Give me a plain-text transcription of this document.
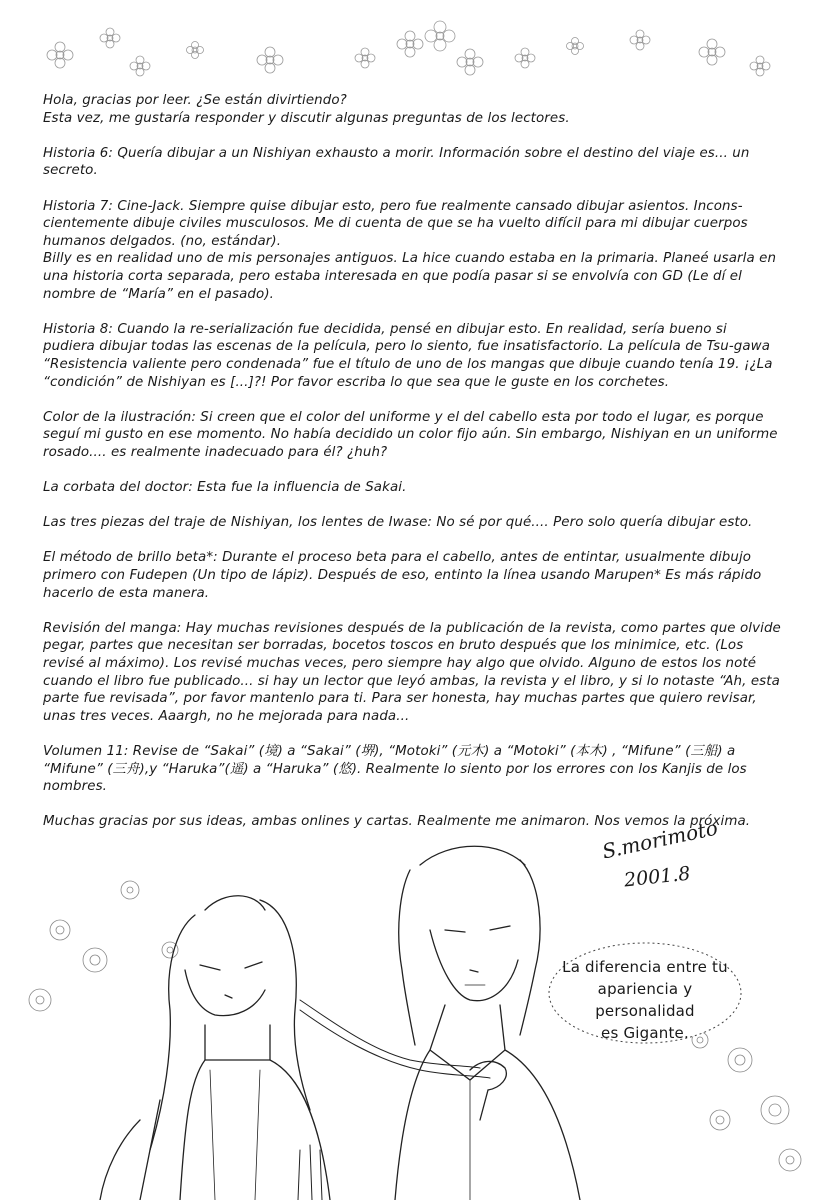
Hola, gracias por leer. ¿Se están divirtiendo?
Esta vez, me gustaría responder y discutir algunas preguntas de los lectores.

Historia 6: Quería dibujar a un Nishiyan exhausto a morir. Información sobre el destino del viaje es... un secreto.

Historia 7: Cine-Jack. Siempre quise dibujar esto, pero fue realmente cansado dibujar asientos. Incons-cientemente dibuje civiles musculosos. Me di cuenta de que se ha vuelto difícil para mi dibujar cuerpos humanos delgados. (no, estándar).
Billy es en realidad uno de mis personajes antiguos. La hice cuando estaba en la primaria. Planeé usarla en una historia corta separada, pero estaba interesada en que podía pasar si se envolvía con GD (Le dí el nombre de “María” en el pasado).

Historia 8: Cuando la re-serialización fue decidida, pensé en dibujar esto. En realidad, sería bueno si pudiera dibujar todas las escenas de la película, pero lo siento, fue insatisfactorio. La película de Tsu-gawa “Resistencia valiente pero condenada” fue el título de uno de los mangas que dibuje cuando tenía 19. ¡¿La “condición” de Nishiyan es [...]?! Por favor escriba lo que sea que le guste en los corchetes.

Color de la ilustración: Si creen que el color del uniforme y el del cabello esta por todo el lugar, es porque seguí mi gusto en ese momento. No había decidido un color fijo aún. Sin embargo, Nishiyan en un uniforme rosado.... es realmente inadecuado para él? ¿huh?

La corbata del doctor: Esta fue la influencia de Sakai.

Las tres piezas del traje de Nishiyan, los lentes de Iwase: No sé por qué.... Pero solo quería dibujar esto.

El método de brillo beta*: Durante el proceso beta para el cabello, antes de entintar, usualmente dibujo primero con Fudepen (Un tipo de lápiz). Después de eso, entinto la línea usando Marupen* Es más rápido hacerlo de esta manera.

Revisión del manga: Hay muchas revisiones después de la publicación de la revista, como partes que olvide pegar, partes que necesitan ser borradas, bocetos toscos en bruto después que los minimice, etc. (Los revisé al máximo). Los revisé muchas veces, pero siempre hay algo que olvido. Alguno de estos los noté cuando el libro fue publicado... si hay un lector que leyó ambas, la revista y el libro, y si lo notaste “Ah, esta parte fue revisada”, por favor mantenlo para ti. Para ser honesta, hay muchas partes que quiero revisar, unas tres veces. Aaargh, no he mejorada para nada...

Volumen 11: Revise de “Sakai” (境) a “Sakai” (堺), “Motoki” (元木) a “Motoki” (本木) , “Mifune” (三船) a “Mifune” (三舟),y “Haruka”(遥) a “Haruka” (悠). Realmente lo siento por los errores con los Kanjis de los nombres.

Muchas gracias por sus ideas, ambas onlines y cartas. Realmente me animaron. Nos vemos la próxima.

La diferencia entre tu
apariencia y personalidad
es Gigante.
S.morimoto
2001.8
